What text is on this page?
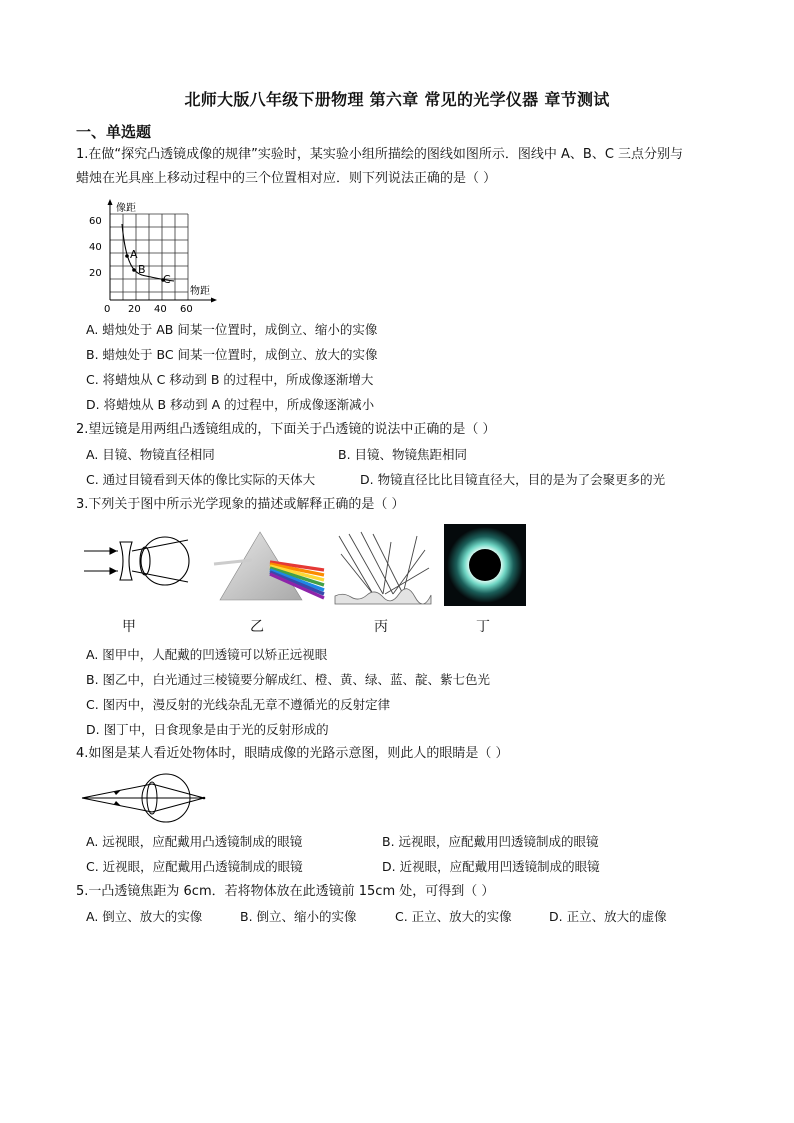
北师大版八年级下册物理 第六章 常见的光学仪器 章节测试
一、单选题
1.在做“探究凸透镜成像的规律”实验时，某实验小组所描绘的图线如图所示．图线中 A、B、C 三点分别与
蜡烛在光具座上移动过程中的三个位置相对应．则下列说法正确的是（ ）
A
B
C
像距
物距
60
40
20
0 20 40 60
A. 蜡烛处于 AB 间某一位置时，成倒立、缩小的实像
B. 蜡烛处于 BC 间某一位置时，成倒立、放大的实像
C. 将蜡烛从 C 移动到 B 的过程中，所成像逐渐增大
D. 将蜡烛从 B 移动到 A 的过程中，所成像逐渐减小
2.望远镜是用两组凸透镜组成的，下面关于凸透镜的说法中正确的是（ ）
A. 目镜、物镜直径相同	B. 目镜、物镜焦距相同
C. 通过目镜看到天体的像比实际的天体大	D. 物镜直径比比目镜直径大，目的是为了会聚更多的光
3.下列关于图中所示光学现象的描述或解释正确的是（ ）
甲	乙	丙	丁
A. 图甲中，人配戴的凹透镜可以矫正远视眼
B. 图乙中，白光通过三棱镜要分解成红、橙、黄、绿、蓝、靛、紫七色光
C. 图丙中，漫反射的光线杂乱无章不遵循光的反射定律
D. 图丁中，日食现象是由于光的反射形成的
4.如图是某人看近处物体时，眼睛成像的光路示意图，则此人的眼睛是（ ）
A. 远视眼，应配戴用凸透镜制成的眼镜	B. 远视眼，应配戴用凹透镜制成的眼镜
C. 近视眼，应配戴用凸透镜制成的眼镜	D. 近视眼，应配戴用凹透镜制成的眼镜
5.一凸透镜焦距为 6cm．若将物体放在此透镜前 15cm 处，可得到（ ）
A. 倒立、放大的实像	B. 倒立、缩小的实像	C. 正立、放大的实像	D. 正立、放大的虚像
